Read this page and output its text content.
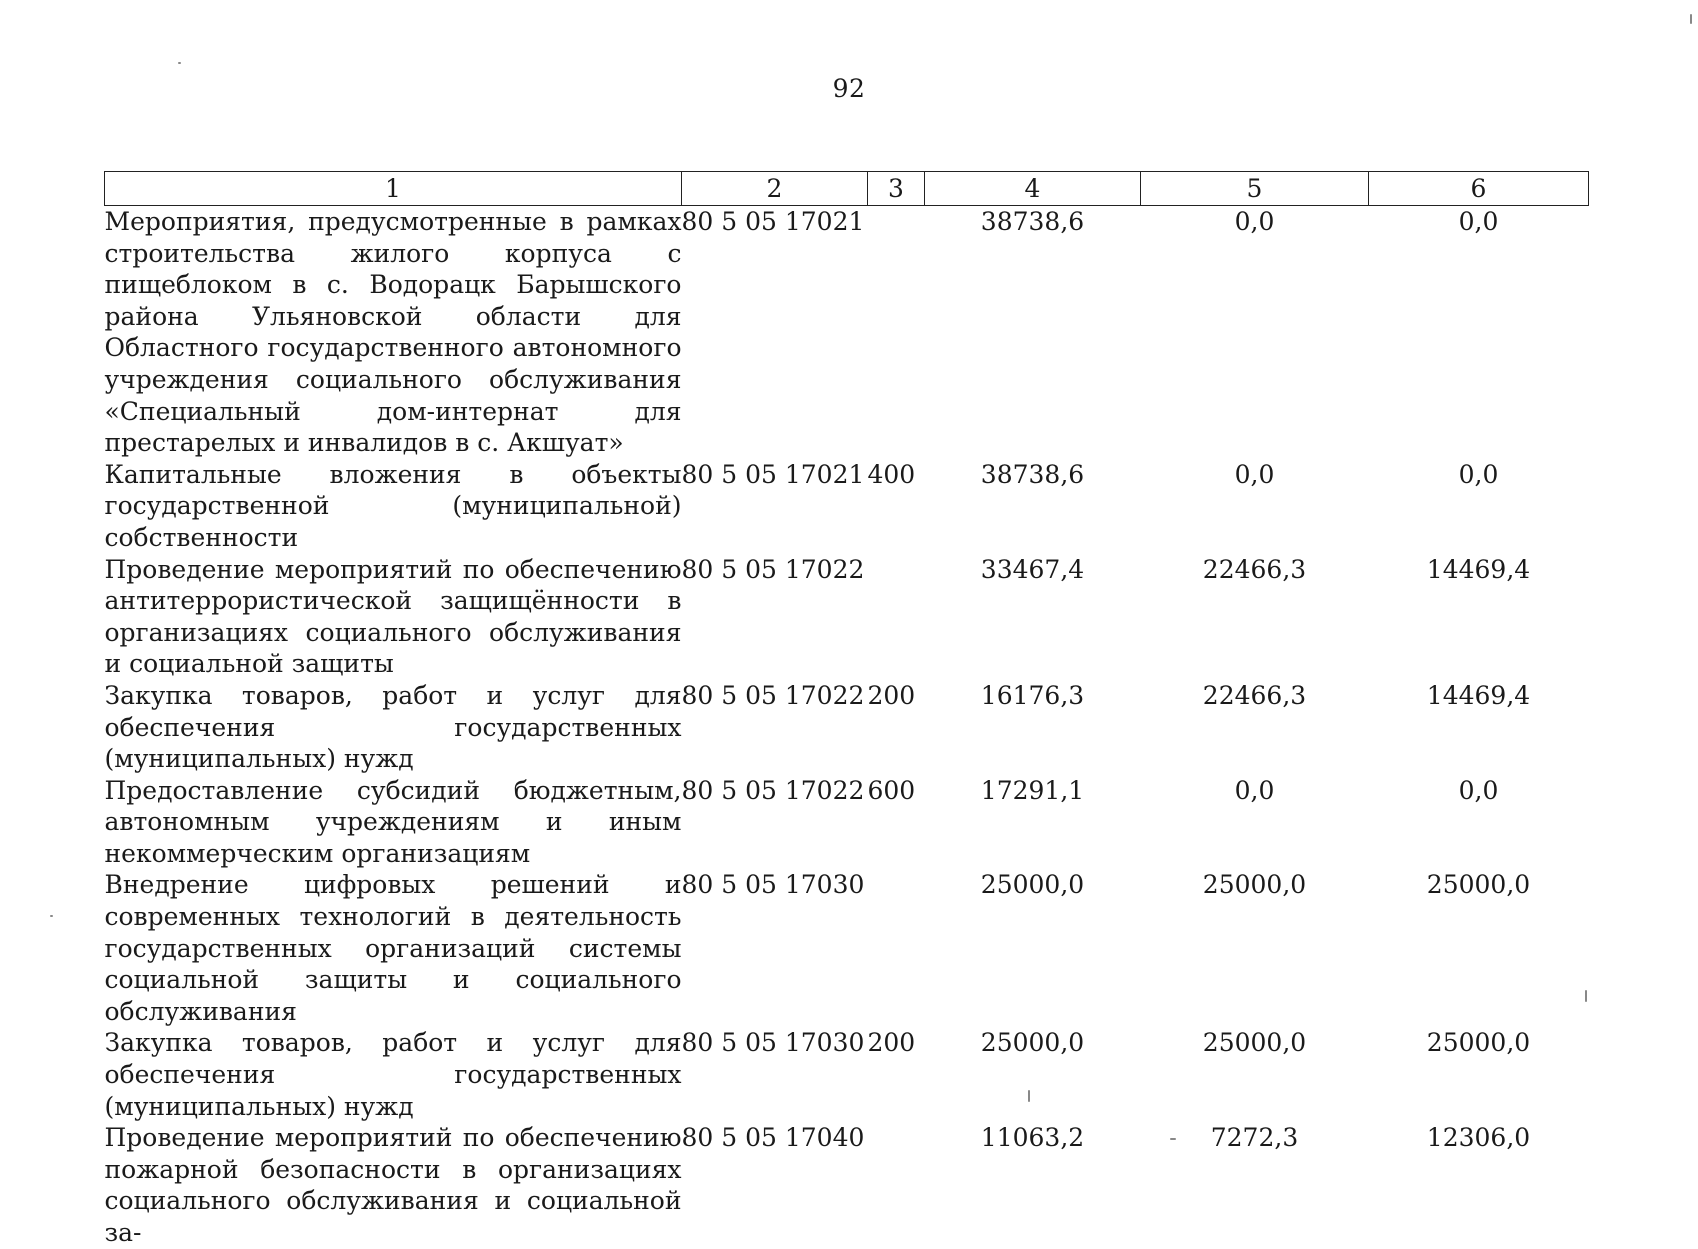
92
1	2	3	4	5	6
Мероприятия, предусмотренные в рамках строительства жилого корпуса с пищеблоком в с. Водорацк Барышского района Ульяновской области для Областного государственного автономного учреждения социального обслуживания «Специальный дом-интернат для престарелых и инвалидов в с. Акшуат»	80 5 05 17021		38738,6	0,0	0,0
Капитальные вложения в объекты государственной (муниципальной) собственности	80 5 05 17021	400	38738,6	0,0	0,0
Проведение мероприятий по обеспечению антитеррористической защищённости в организациях социального обслуживания и социальной защиты	80 5 05 17022		33467,4	22466,3	14469,4
Закупка товаров, работ и услуг для обеспечения государственных (муниципальных) нужд	80 5 05 17022	200	16176,3	22466,3	14469,4
Предоставление субсидий бюджетным, автономным учреждениям и иным некоммерческим организациям	80 5 05 17022	600	17291,1	0,0	0,0
Внедрение цифровых решений и современных технологий в деятельность государственных организаций системы социальной защиты и социального обслуживания	80 5 05 17030		25000,0	25000,0	25000,0
Закупка товаров, работ и услуг для обеспечения государственных (муниципальных) нужд	80 5 05 17030	200	25000,0	25000,0	25000,0
Проведение мероприятий по обеспечению пожарной безопасности в организациях социального обслуживания и социальной за-	80 5 05 17040		11063,2	7272,3	12306,0
